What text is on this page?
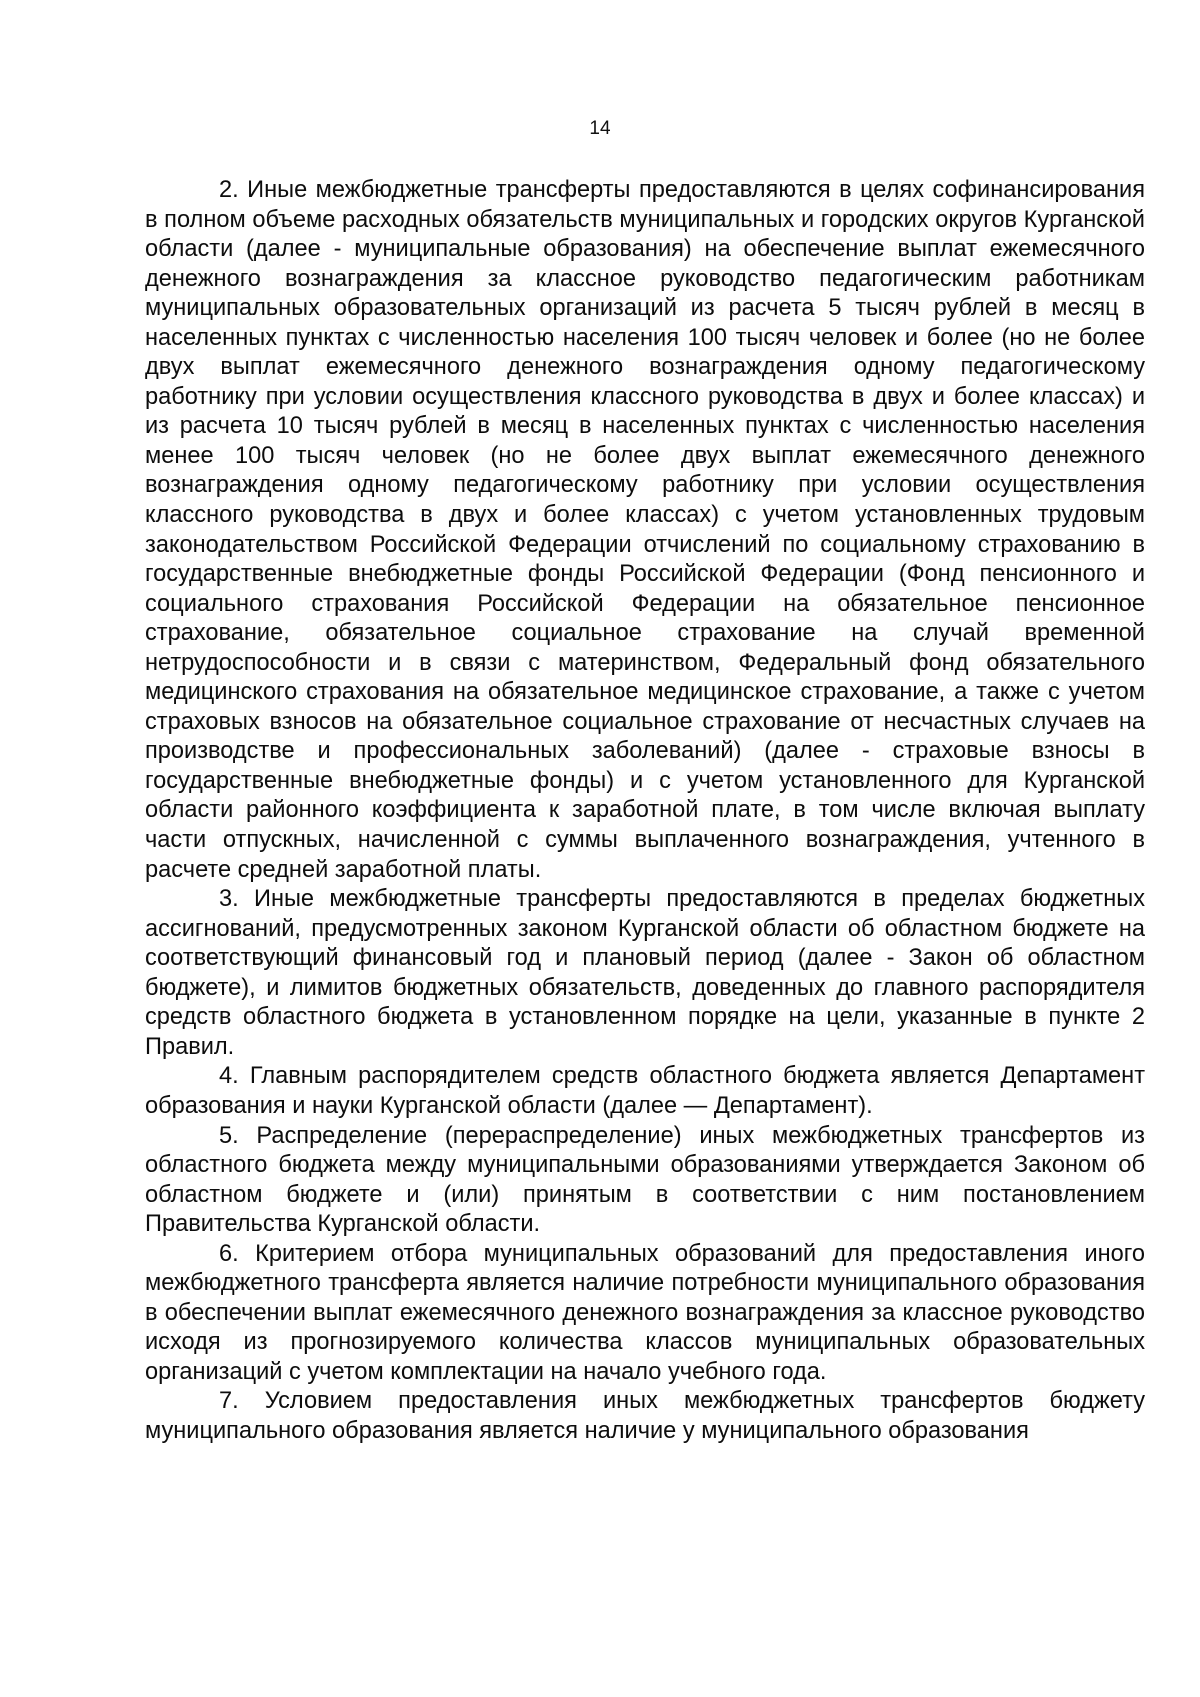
14

2. Иные межбюджетные трансферты предоставляются в целях софинансирования в полном объеме расходных обязательств муниципальных и городских округов Курганской области (далее - муниципальные образования) на обеспечение выплат ежемесячного денежного вознаграждения за классное руководство педагогическим работникам муниципальных образовательных организаций из расчета 5 тысяч рублей в месяц в населенных пунктах с численностью населения 100 тысяч человек и более (но не более двух выплат ежемесячного денежного вознаграждения одному педагогическому работнику при условии осуществления классного руководства в двух и более классах) и из расчета 10 тысяч рублей в месяц в населенных пунктах с численностью населения менее 100 тысяч человек (но не более двух выплат ежемесячного денежного вознаграждения одному педагогическому работнику при условии осуществления классного руководства в двух и более классах) с учетом установленных трудовым законодательством Российской Федерации отчислений по социальному страхованию в государственные внебюджетные фонды Российской Федерации (Фонд пенсионного и социального страхования Российской Федерации на обязательное пенсионное страхование, обязательное социальное страхование на случай временной нетрудоспособности и в связи с материнством, Федеральный фонд обязательного медицинского страхования на обязательное медицинское страхование, а также с учетом страховых взносов на обязательное социальное страхование от несчастных случаев на производстве и профессиональных заболеваний) (далее - страховые взносы в государственные внебюджетные фонды) и с учетом установленного для Курганской области районного коэффициента к заработной плате, в том числе включая выплату части отпускных, начисленной с суммы выплаченного вознаграждения, учтенного в расчете средней заработной платы.

3. Иные межбюджетные трансферты предоставляются в пределах бюджетных ассигнований, предусмотренных законом Курганской области об областном бюджете на соответствующий финансовый год и плановый период (далее - Закон об областном бюджете), и лимитов бюджетных обязательств, доведенных до главного распорядителя средств областного бюджета в установленном порядке на цели, указанные в пункте 2 Правил.

4. Главным распорядителем средств областного бюджета является Департамент образования и науки Курганской области (далее — Департамент).

5. Распределение (перераспределение) иных межбюджетных трансфертов из областного бюджета между муниципальными образованиями утверждается Законом об областном бюджете и (или) принятым в соответствии с ним постановлением Правительства Курганской области.

6. Критерием отбора муниципальных образований для предоставления иного межбюджетного трансферта является наличие потребности муниципального образования в обеспечении выплат ежемесячного денежного вознаграждения за классное руководство исходя из прогнозируемого количества классов муниципальных образовательных организаций с учетом комплектации на начало учебного года.

7. Условием предоставления иных межбюджетных трансфертов бюджету муниципального образования является наличие у муниципального образования
